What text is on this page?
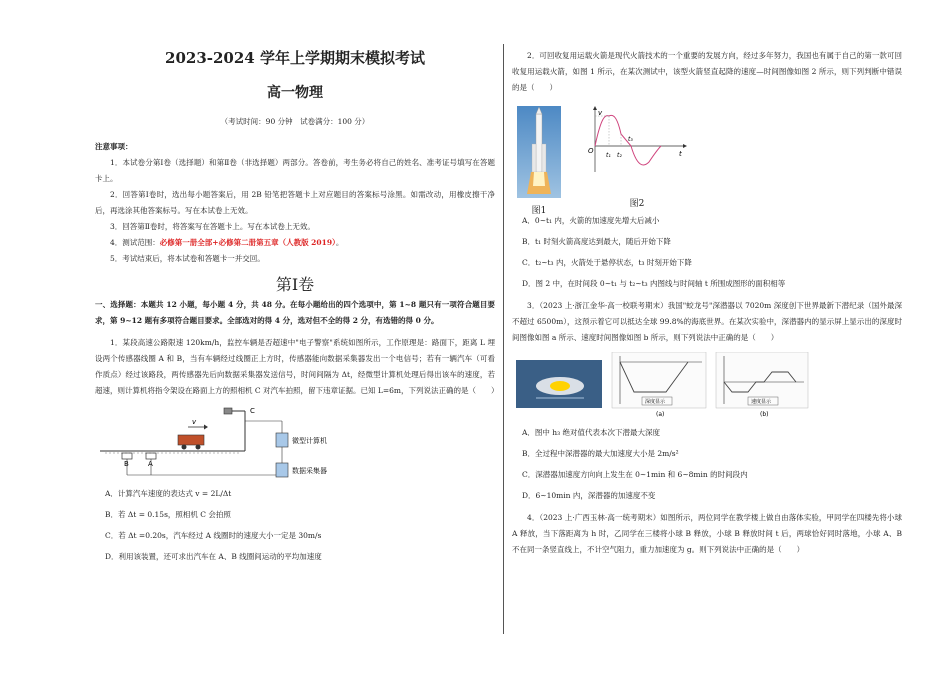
2023-2024 学年上学期期末模拟考试

高一物理

（考试时间：90 分钟　试卷满分：100 分）

注意事项：

1．本试卷分第Ⅰ卷（选择题）和第Ⅱ卷（非选择题）两部分。答卷前，考生务必将自己的姓名、准考证号填写在答题卡上。

2．回答第Ⅰ卷时，选出每小题答案后，用 2B 铅笔把答题卡上对应题目的答案标号涂黑。如需改动，用橡皮擦干净后，再选涂其他答案标号。写在本试卷上无效。

3．回答第Ⅱ卷时，将答案写在答题卡上。写在本试卷上无效。

4．测试范围：必修第一册全部+必修第二册第五章（人教版 2019）。

5．考试结束后，将本试卷和答题卡一并交回。

第Ⅰ卷

一、选择题：本题共 12 小题，每小题 4 分，共 48 分。在每小题给出的四个选项中，第 1~8 题只有一项符合题目要求，第 9~12 题有多项符合题目要求。全部选对的得 4 分，选对但不全的得 2 分，有选错的得 0 分。

1．某段高速公路限速 120km/h，监控车辆是否超速中"电子警察"系统如图所示，工作原理是：路面下，距离 L 埋设两个传感器线圈 A 和 B，当有车辆经过线圈正上方时，传感器能向数据采集器发出一个电信号；若有一辆汽车（可看作质点）经过该路段，两传感器先后向数据采集器发送信号，时间间隔为 Δt，经微型计算机处理后得出该车的速度，若超速，则计算机将指令架设在路面上方的照相机 C 对汽车拍照，留下违章证据。已知 L=6m，下列说法正确的是（　　）

v
B	A
C
数据采集器
微型计算机

A．计算汽车速度的表达式 v = 2L/Δt

B．若 Δt = 0.15s，照相机 C 会拍照

C．若 Δt =0.20s，汽车经过 A 线圈时的速度大小一定是 30m/s

D．利用该装置，还可求出汽车在 A、B 线圈间运动的平均加速度

2．可回收复用运载火箭是现代火箭技术的一个重要的发展方向，经过多年努力，我国也有属于自己的第一款可回收复用运载火箭，如图 1 所示，在某次测试中，该型火箭竖直起降的速度—时间图像如图 2 所示，则下列判断中错误的是（　　）

图1
v
O	t
t₁ t₂
t₃
图2

A．0~t₁ 内，火箭的加速度先增大后减小

B．t₁ 时刻火箭高度达到最大，随后开始下降

C．t₂~t₃ 内，火箭处于悬停状态，t₃ 时刻开始下降

D．图 2 中，在时间段 0~t₁ 与 t₂~t₃ 内图线与时间轴 t 所围成图形的面积相等

3．（2023 上·浙江金华·高一校联考期末）我国"蛟龙号"深潜器以 7020m 深度创下世界最新下潜纪录（国外最深不超过 6500m），这预示着它可以抵达全球 99.8%的海底世界。在某次实验中，深潜器内的显示屏上显示出的深度时间图像如图 a 所示、速度时间图像如图 b 所示，则下列说法中正确的是（　　）

深度显示
(a)
速度显示
(b)

A．图中 h₃ 绝对值代表本次下潜最大深度

B．全过程中深潜器的最大加速度大小是 2m/s²

C．深潜器加速度方向向上发生在 0~1min 和 6~8min 的时间段内

D．6~10min 内，深潜器的加速度不变

4．（2023 上·广西玉林·高一统考期末）如图所示，两位同学在教学楼上做自由落体实验，甲同学在四楼先将小球 A 释放，当下落距离为 h 时，乙同学在三楼将小球 B 释放，小球 B 释放时间 t 后，两球恰好同时落地，小球 A、B 不在同一条竖直线上，不计空气阻力，重力加速度为 g。则下列说法中正确的是（　　）
